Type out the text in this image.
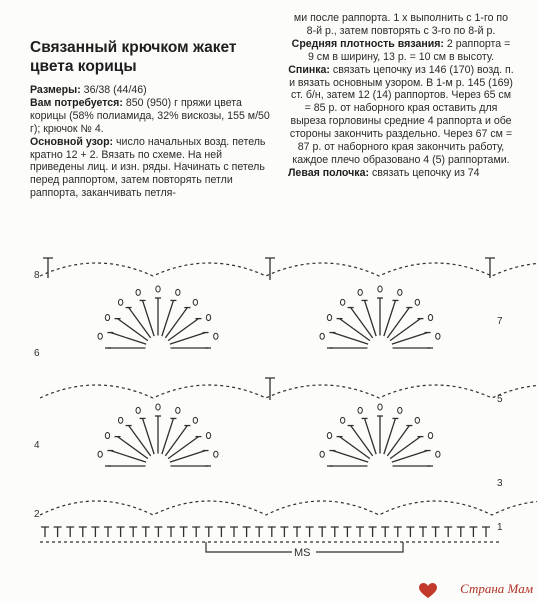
Связанный крючком жакет цвета корицы

Размеры: 36/38 (44/46)

Вам потребуется: 850 (950) г пряжи цвета корицы (58% полиамида, 32% вискозы, 155 м/50 г); крючок № 4.

Основной узор: число начальных возд. петель кратно 12 + 2. Вязать по схеме. На ней приведены лиц. и изн. ряды. Начинать с петель перед раппортом, затем повторять петли раппорта, заканчивать петля-

ми после раппорта. 1 х выполнить с 1-го по 8-й р., затем повторять с 3-го по 8-й р.

Средняя плотность вязания: 2 раппорта = 9 см в ширину, 13 р. = 10 см в высоту.

Спинка: связать цепочку из 146 (170) возд. п. и вязать основным узором. В 1-м р. 145 (169) ст. б/н, затем 12 (14) раппортов. Через 65 см = 85 р. от наборного края оставить для выреза горловины средние 4 раппорта и обе стороны закончить раздельно. Через 67 см = 87 р. от наборного края закончить работу, каждое плечо образовано 4 (5) раппортами.

Левая полочка: связать цепочку из 74

2
4
6
8
1
3
5
7
MS
Страна Мам
